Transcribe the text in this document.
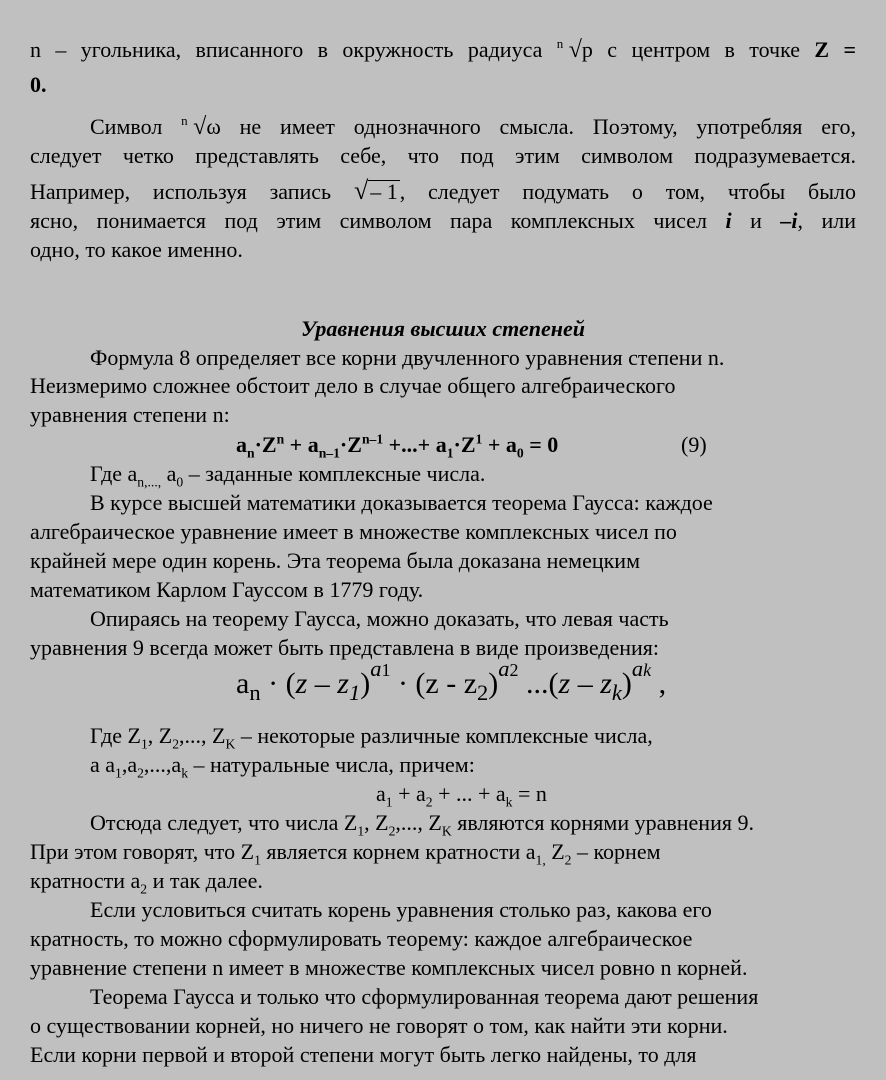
n – угольника, вписанного в окружность радиуса n √p с центром в точке Z =
0.
Символ n √ω не имеет однозначного смысла. Поэтому, употребляя его,
следует четко представлять себе, что под этим символом подразумевается.
Например, используя запись √– 1, следует подумать о том, чтобы было
ясно, понимается под этим символом пара комплексных чисел i и –i, или
одно, то какое именно.
Уравнения высших степеней
Формула 8 определяет все корни двучленного уравнения степени n.
Неизмеримо сложнее обстоит дело в случае общего алгебраического
уравнения степени n:
$a_n\cdot Z^n + a_{n-1}\cdot Z^{n-1}$ +...+ $a_1\cdot Z^1 + a_0 = 0$	(9)
Где $a_{n,...,}$ $a_0$ – заданные комплексные числа.
В курсе высшей математики доказывается теорема Гаусса: каждое
алгебраическое уравнение имеет в множестве комплексных чисел по
крайней мере один корень. Эта теорема была доказана немецким
математиком Карлом Гауссом в 1779 году.
Опираясь на теорему Гаусса, можно доказать, что левая часть
уравнения 9 всегда может быть представлена в виде произведения:
$a_n \cdot (z - z_1)^{a1} \cdot (z - z_2)^{a2}$ $...(z - z_k)^{ak}$ ,
Где $Z_1$, $Z_2$,..., $Z_K$ – некоторые различные комплексные числа,
а $a_1,a_2,...,a_k$ – натуральные числа, причем:
$a_1 + a_2$ + ... + $a_k = n$
Отсюда следует, что числа $Z_1$, $Z_2$,..., $Z_K$ являются корнями уравнения 9.
При этом говорят, что $Z_1$ является корнем кратности $a_{1,}$ $Z_2$ – корнем
кратности $a_2$ и так далее.
Если условиться считать корень уравнения столько раз, какова его
кратность, то можно сформулировать теорему: каждое алгебраическое
уравнение степени n имеет в множестве комплексных чисел ровно n корней.
Теорема Гаусса и только что сформулированная теорема дают решения
о существовании корней, но ничего не говорят о том, как найти эти корни.
Если корни первой и второй степени могут быть легко найдены, то для
